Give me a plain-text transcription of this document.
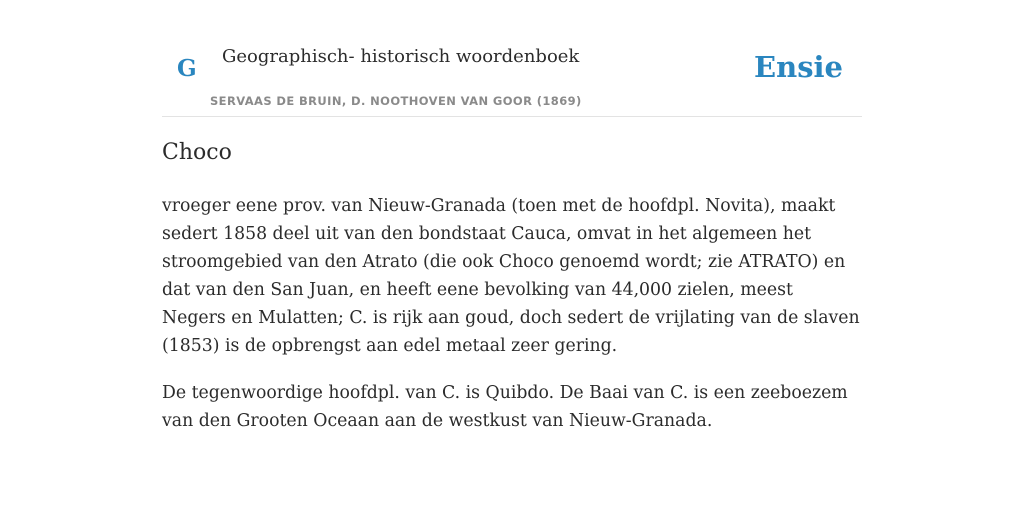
G Geographisch- historisch woordenboek
SERVAAS DE BRUIN, D. NOOTHOVEN VAN GOOR (1869)
Ensie
Choco

vroeger eene prov. van Nieuw-Granada (toen met de hoofdpl. Novita), maakt sedert 1858 deel uit van den bondstaat Cauca, omvat in het algemeen het stroomgebied van den Atrato (die ook Choco genoemd wordt; zie ATRATO) en dat van den San Juan, en heeft eene bevolking van 44,000 zielen, meest Negers en Mulatten; C. is rijk aan goud, doch sedert de vrijlating van de slaven (1853) is de opbrengst aan edel metaal zeer gering.

De tegenwoordige hoofdpl. van C. is Quibdo. De Baai van C. is een zeeboezem van den Grooten Oceaan aan de westkust van Nieuw-Granada.
